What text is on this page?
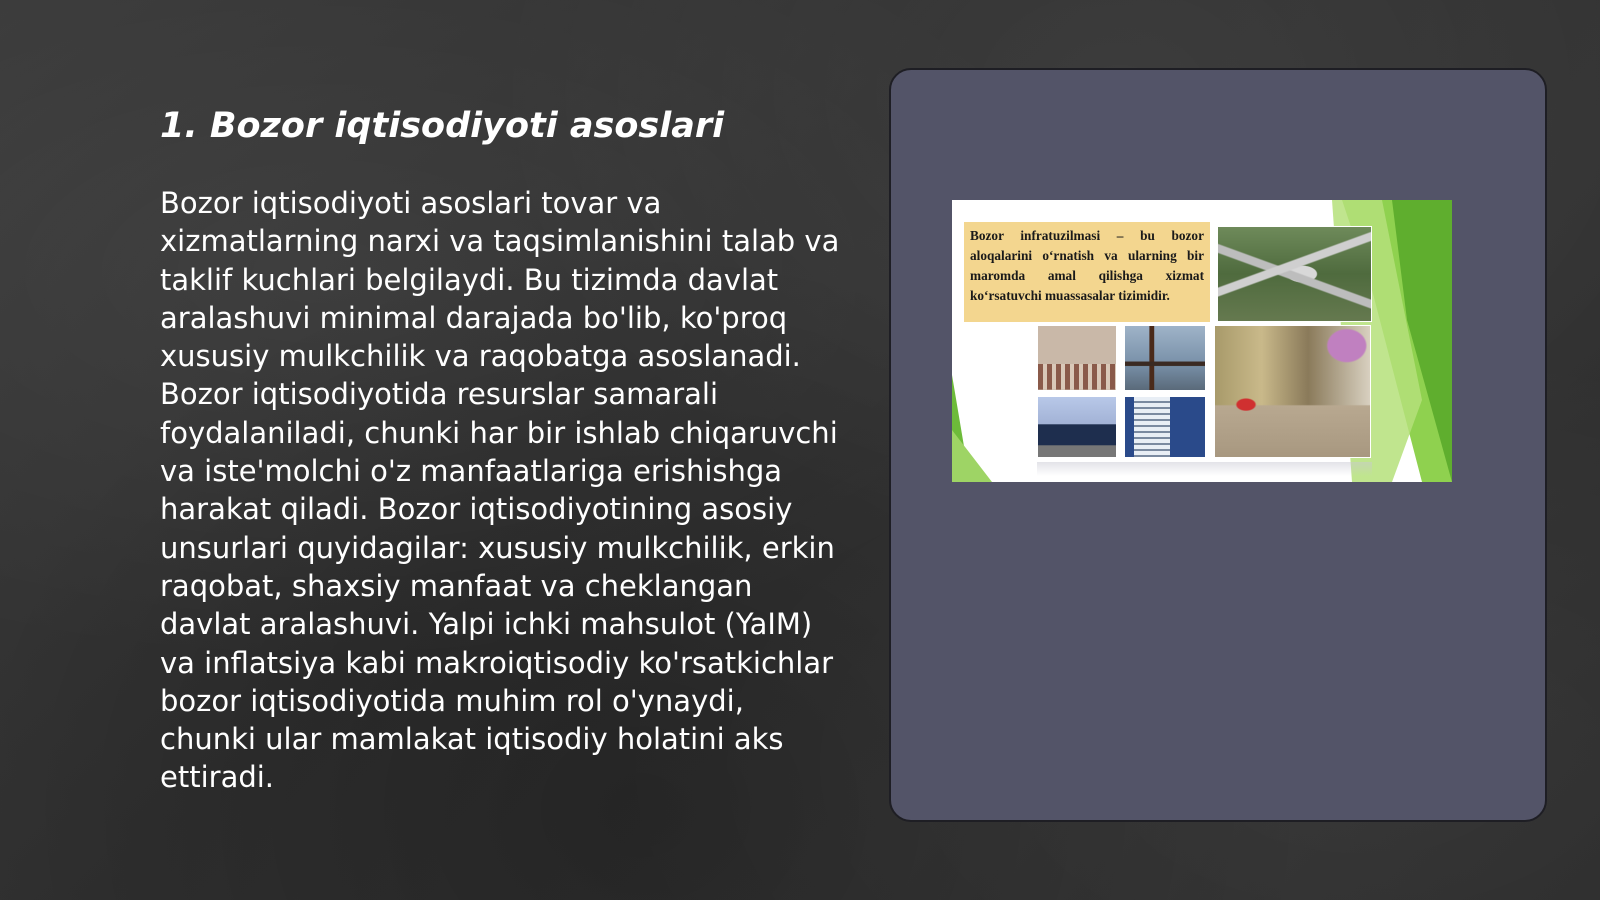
1. Bozor iqtisodiyoti asoslari

Bozor iqtisodiyoti asoslari tovar va xizmatlarning narxi va taqsimlanishini talab va taklif kuchlari belgilaydi. Bu tizimda davlat aralashuvi minimal darajada bo'lib, ko'proq xususiy mulkchilik va raqobatga asoslanadi. Bozor iqtisodiyotida resurslar samarali foydalaniladi, chunki har bir ishlab chiqaruvchi va iste'molchi o'z manfaatlariga erishishga harakat qiladi. Bozor iqtisodiyotining asosiy unsurlari quyidagilar: xususiy mulkchilik, erkin raqobat, shaxsiy manfaat va cheklangan davlat aralashuvi. Yalpi ichki mahsulot (YaIM) va inflatsiya kabi makroiqtisodiy ko'rsatkichlar bozor iqtisodiyotida muhim rol o'ynaydi, chunki ular mamlakat iqtisodiy holatini aks ettiradi.

Bozor infratuzilmasi – bu bozor aloqalarini o‘rnatish va ularning bir maromda amal qilishga xizmat ko‘rsatuvchi muassasalar tizimidir.
